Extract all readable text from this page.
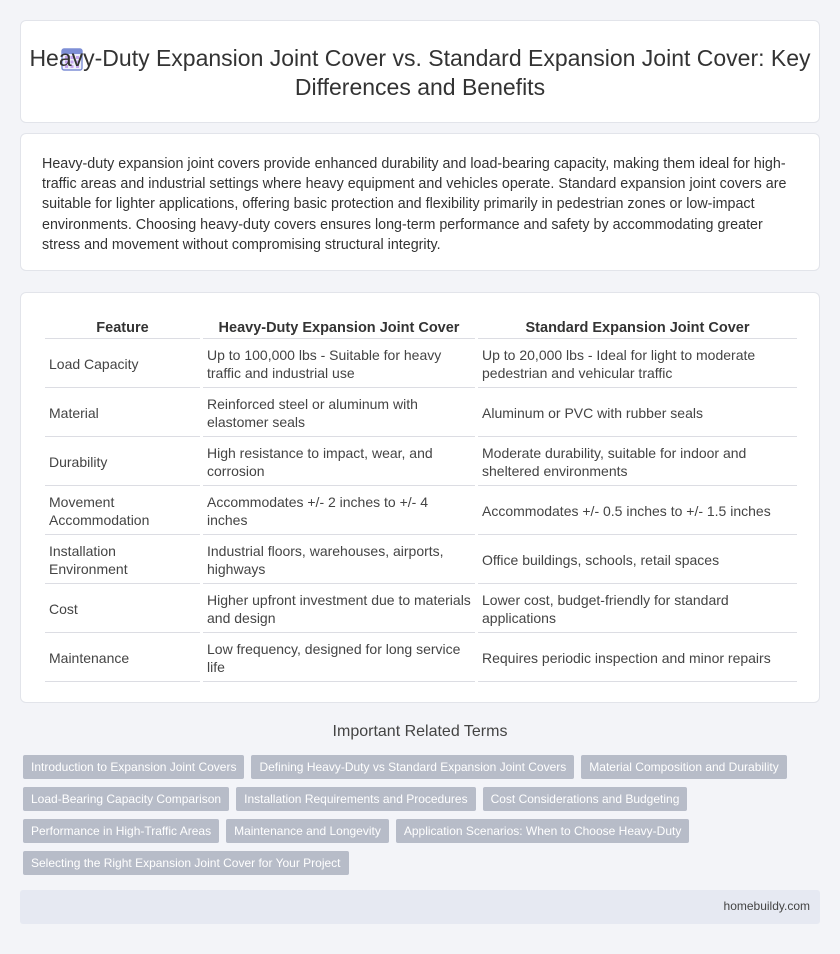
Heavy-Duty Expansion Joint Cover vs. Standard Expansion Joint Cover: Key Differences and Benefits

Heavy-duty expansion joint covers provide enhanced durability and load-bearing capacity, making them ideal for high-traffic areas and industrial settings where heavy equipment and vehicles operate. Standard expansion joint covers are suitable for lighter applications, offering basic protection and flexibility primarily in pedestrian zones or low-impact environments. Choosing heavy-duty covers ensures long-term performance and safety by accommodating greater stress and movement without compromising structural integrity.

Feature	Heavy-Duty Expansion Joint Cover	Standard Expansion Joint Cover
Load Capacity	Up to 100,000 lbs - Suitable for heavy traffic and industrial use	Up to 20,000 lbs - Ideal for light to moderate pedestrian and vehicular traffic
Material	Reinforced steel or aluminum with elastomer seals	Aluminum or PVC with rubber seals
Durability	High resistance to impact, wear, and corrosion	Moderate durability, suitable for indoor and sheltered environments
Movement Accommodation	Accommodates +/- 2 inches to +/- 4 inches	Accommodates +/- 0.5 inches to +/- 1.5 inches
Installation Environment	Industrial floors, warehouses, airports, highways	Office buildings, schools, retail spaces
Cost	Higher upfront investment due to materials and design	Lower cost, budget-friendly for standard applications
Maintenance	Low frequency, designed for long service life	Requires periodic inspection and minor repairs
Important Related Terms
Introduction to Expansion Joint Covers	Defining Heavy-Duty vs Standard Expansion Joint Covers	Material Composition and Durability
Load-Bearing Capacity Comparison	Installation Requirements and Procedures	Cost Considerations and Budgeting
Performance in High-Traffic Areas	Maintenance and Longevity	Application Scenarios: When to Choose Heavy-Duty
Selecting the Right Expansion Joint Cover for Your Project
homebuildy.com
